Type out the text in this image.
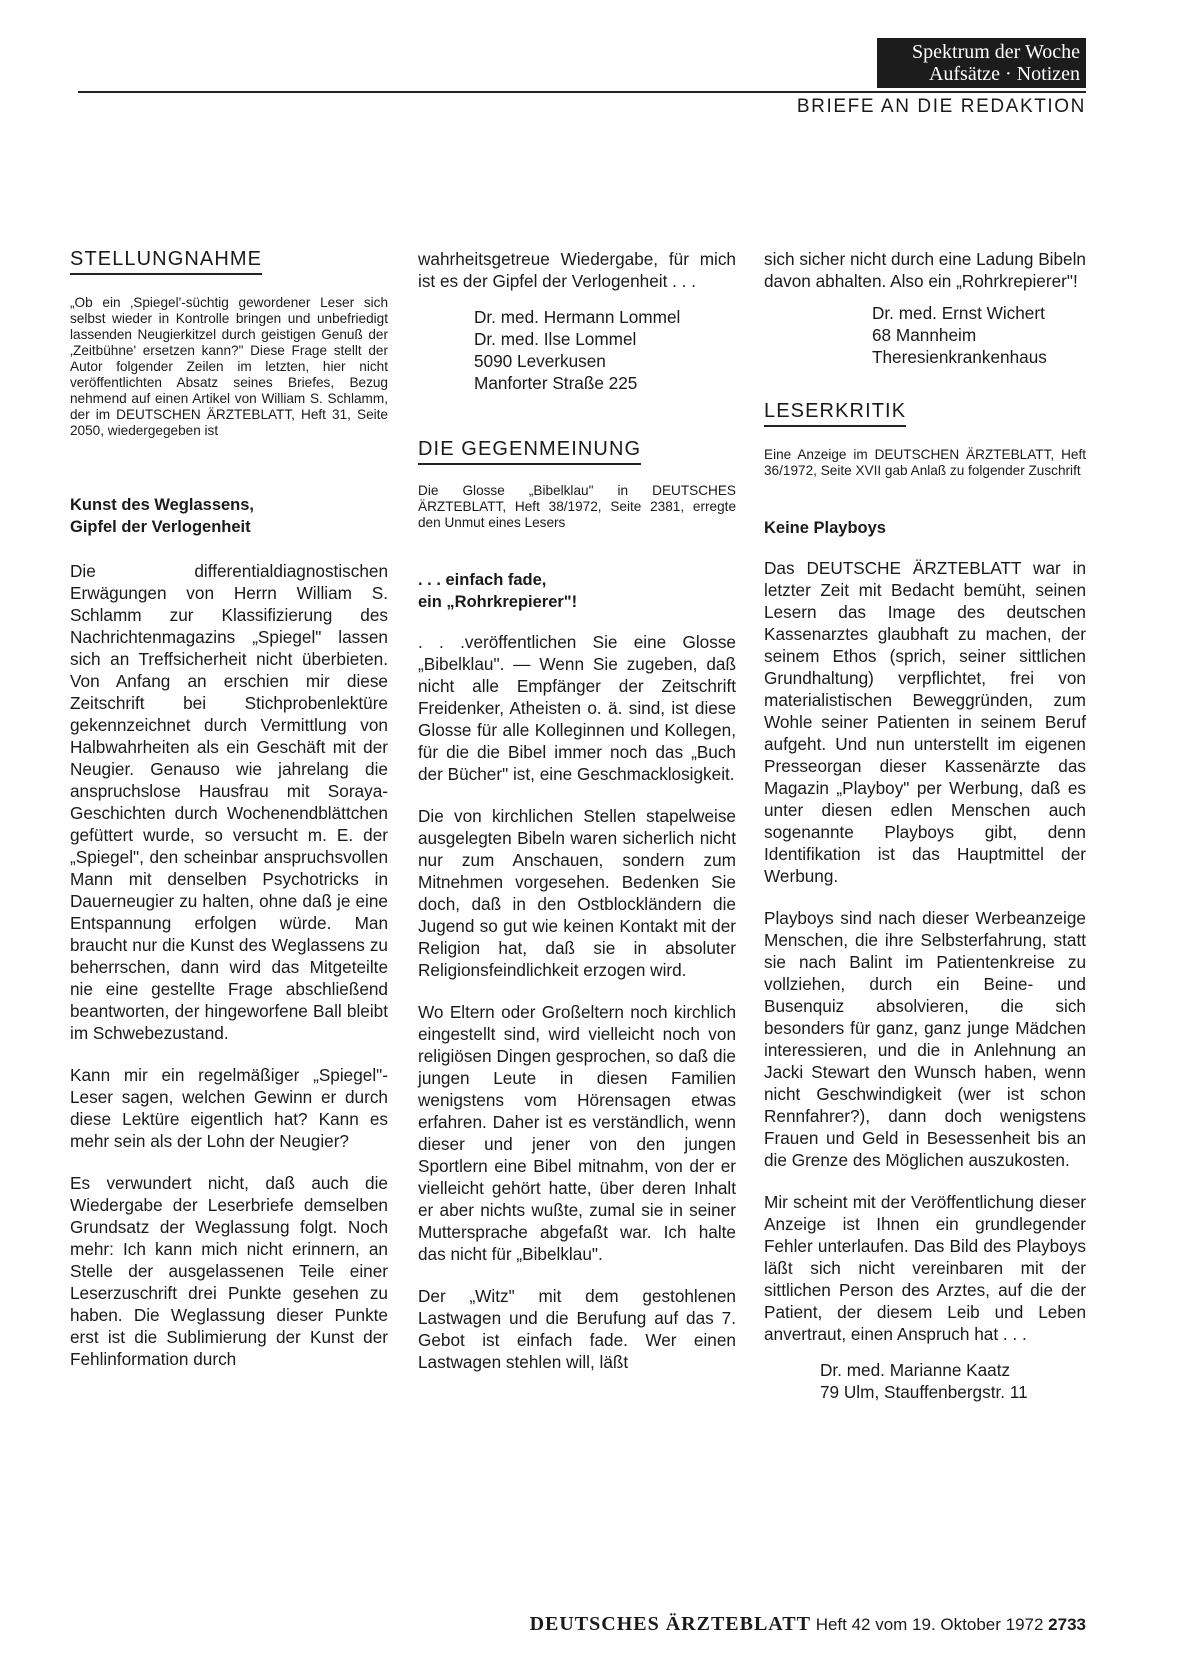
Spektrum der Woche
Aufsätze · Notizen
BRIEFE AN DIE REDAKTION
STELLUNGNAHME

„Ob ein ‚Spiegel'-süchtig gewordener Leser sich selbst wieder in Kontrolle bringen und unbefriedigt lassenden Neugierkitzel durch geistigen Genuß der ‚Zeitbühne' ersetzen kann?" Diese Frage stellt der Autor folgender Zeilen im letzten, hier nicht veröffentlichten Absatz seines Briefes, Bezug nehmend auf einen Artikel von William S. Schlamm, der im DEUTSCHEN ÄRZTEBLATT, Heft 31, Seite 2050, wiedergegeben ist

Kunst des Weglassens,
Gipfel der Verlogenheit

Die differentialdiagnostischen Erwägungen von Herrn William S. Schlamm zur Klassifizierung des Nachrichtenmagazins „Spiegel" lassen sich an Treffsicherheit nicht überbieten. Von Anfang an erschien mir diese Zeitschrift bei Stichprobenlektüre gekennzeichnet durch Vermittlung von Halbwahrheiten als ein Geschäft mit der Neugier. Genauso wie jahrelang die anspruchslose Hausfrau mit Soraya-Geschichten durch Wochenendblättchen gefüttert wurde, so versucht m. E. der „Spiegel", den scheinbar anspruchsvollen Mann mit denselben Psychotricks in Dauerneugier zu halten, ohne daß je eine Entspannung erfolgen würde. Man braucht nur die Kunst des Weglassens zu beherrschen, dann wird das Mitgeteilte nie eine gestellte Frage abschließend beantworten, der hingeworfene Ball bleibt im Schwebezustand.

Kann mir ein regelmäßiger „Spiegel"-Leser sagen, welchen Gewinn er durch diese Lektüre eigentlich hat? Kann es mehr sein als der Lohn der Neugier?

Es verwundert nicht, daß auch die Wiedergabe der Leserbriefe demselben Grundsatz der Weglassung folgt. Noch mehr: Ich kann mich nicht erinnern, an Stelle der ausgelassenen Teile einer Leserzuschrift drei Punkte gesehen zu haben. Die Weglassung dieser Punkte erst ist die Sublimierung der Kunst der Fehlinformation durch

wahrheitsgetreue Wiedergabe, für mich ist es der Gipfel der Verlogenheit . . .

Dr. med. Hermann Lommel
Dr. med. Ilse Lommel
5090 Leverkusen
Manforter Straße 225
DIE GEGENMEINUNG

Die Glosse „Bibelklau" in DEUTSCHES ÄRZTEBLATT, Heft 38/1972, Seite 2381, erregte den Unmut eines Lesers

. . . einfach fade,
ein „Rohrkrepierer"!

. . .veröffentlichen Sie eine Glosse „Bibelklau". — Wenn Sie zugeben, daß nicht alle Empfänger der Zeitschrift Freidenker, Atheisten o. ä. sind, ist diese Glosse für alle Kolleginnen und Kollegen, für die die Bibel immer noch das „Buch der Bücher" ist, eine Geschmacklosigkeit.

Die von kirchlichen Stellen stapelweise ausgelegten Bibeln waren sicherlich nicht nur zum Anschauen, sondern zum Mitnehmen vorgesehen. Bedenken Sie doch, daß in den Ostblockländern die Jugend so gut wie keinen Kontakt mit der Religion hat, daß sie in absoluter Religionsfeindlichkeit erzogen wird.

Wo Eltern oder Großeltern noch kirchlich eingestellt sind, wird vielleicht noch von religiösen Dingen gesprochen, so daß die jungen Leute in diesen Familien wenigstens vom Hörensagen etwas erfahren. Daher ist es verständlich, wenn dieser und jener von den jungen Sportlern eine Bibel mitnahm, von der er vielleicht gehört hatte, über deren Inhalt er aber nichts wußte, zumal sie in seiner Muttersprache abgefaßt war. Ich halte das nicht für „Bibelklau".

Der „Witz" mit dem gestohlenen Lastwagen und die Berufung auf das 7. Gebot ist einfach fade. Wer einen Lastwagen stehlen will, läßt

sich sicher nicht durch eine Ladung Bibeln davon abhalten. Also ein „Rohrkrepierer"!

Dr. med. Ernst Wichert
68 Mannheim
Theresienkrankenhaus
LESERKRITIK

Eine Anzeige im DEUTSCHEN ÄRZTEBLATT, Heft 36/1972, Seite XVII gab Anlaß zu folgender Zuschrift

Keine Playboys

Das DEUTSCHE ÄRZTEBLATT war in letzter Zeit mit Bedacht bemüht, seinen Lesern das Image des deutschen Kassenarztes glaubhaft zu machen, der seinem Ethos (sprich, seiner sittlichen Grundhaltung) verpflichtet, frei von materialistischen Beweggründen, zum Wohle seiner Patienten in seinem Beruf aufgeht. Und nun unterstellt im eigenen Presseorgan dieser Kassenärzte das Magazin „Playboy" per Werbung, daß es unter diesen edlen Menschen auch sogenannte Playboys gibt, denn Identifikation ist das Hauptmittel der Werbung.

Playboys sind nach dieser Werbeanzeige Menschen, die ihre Selbsterfahrung, statt sie nach Balint im Patientenkreise zu vollziehen, durch ein Beine- und Busenquiz absolvieren, die sich besonders für ganz, ganz junge Mädchen interessieren, und die in Anlehnung an Jacki Stewart den Wunsch haben, wenn nicht Geschwindigkeit (wer ist schon Rennfahrer?), dann doch wenigstens Frauen und Geld in Besessenheit bis an die Grenze des Möglichen auszukosten.

Mir scheint mit der Veröffentlichung dieser Anzeige ist Ihnen ein grundlegender Fehler unterlaufen. Das Bild des Playboys läßt sich nicht vereinbaren mit der sittlichen Person des Arztes, auf die der Patient, der diesem Leib und Leben anvertraut, einen Anspruch hat . . .

Dr. med. Marianne Kaatz
79 Ulm, Stauffenbergstr. 11
DEUTSCHES ÄRZTEBLATT Heft 42 vom 19. Oktober 1972 2733
